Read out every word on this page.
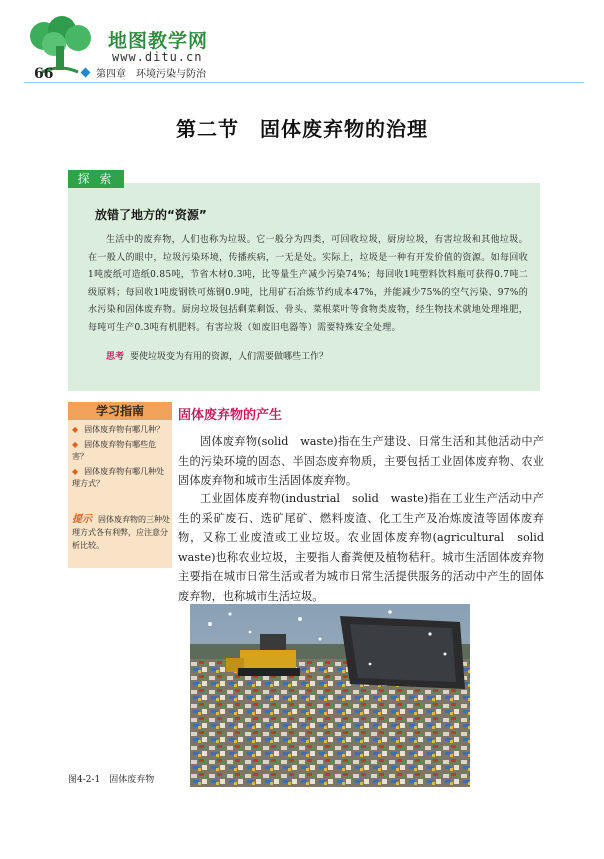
地图教学网
www.ditu.cn
66	第四章　环境污染与防治
第二节　固体废弃物的治理
探 索
放错了地方的“资源”
生活中的废弃物，人们也称为垃圾。它一般分为四类，可回收垃圾，厨房垃圾，有害垃圾和其他垃圾。在一般人的眼中，垃圾污染环境，传播疾病，一无是处。实际上，垃圾是一种有开发价值的资源。如每回收1吨废纸可造纸0.85吨，节省木材0.3吨，比等量生产减少污染74%；每回收1吨塑料饮料瓶可获得0.7吨二级原料；每回收1吨废钢铁可炼钢0.9吨，比用矿石冶炼节约成本47%，并能减少75%的空气污染、97%的水污染和固体废弃物。厨房垃圾包括剩菜剩饭、骨头、菜根菜叶等食物类废物，经生物技术就地处理堆肥，每吨可生产0.3吨有机肥料。有害垃圾（如废旧电器等）需要特殊安全处理。
思考 要使垃圾变为有用的资源，人们需要做哪些工作？
学习指南
◆ 固体废弃物有哪几种？
◆ 固体废弃物有哪些危害？
◆ 固体废弃物有哪几种处理方式？
提示 固体废弃物的三种处理方式各有利弊，应注意分析比较。
固体废弃物的产生
固体废弃物(solid　waste)指在生产建设、日常生活和其他活动中产生的污染环境的固态、半固态废弃物质，主要包括工业固体废弃物、农业固体废弃物和城市生活固体废弃物。
工业固体废弃物(industrial　solid　waste)指在工业生产活动中产生的采矿废石、选矿尾矿、燃料废渣、化工生产及冶炼废渣等固体废弃物，又称工业废渣或工业垃圾。农业固体废弃物(agricultural　solid　waste)也称农业垃圾，主要指人畜粪便及植物秸秆。城市生活固体废弃物主要指在城市日常生活或者为城市日常生活提供服务的活动中产生的固体废弃物，也称城市生活垃圾。
图4-2-1　固体废弃物
